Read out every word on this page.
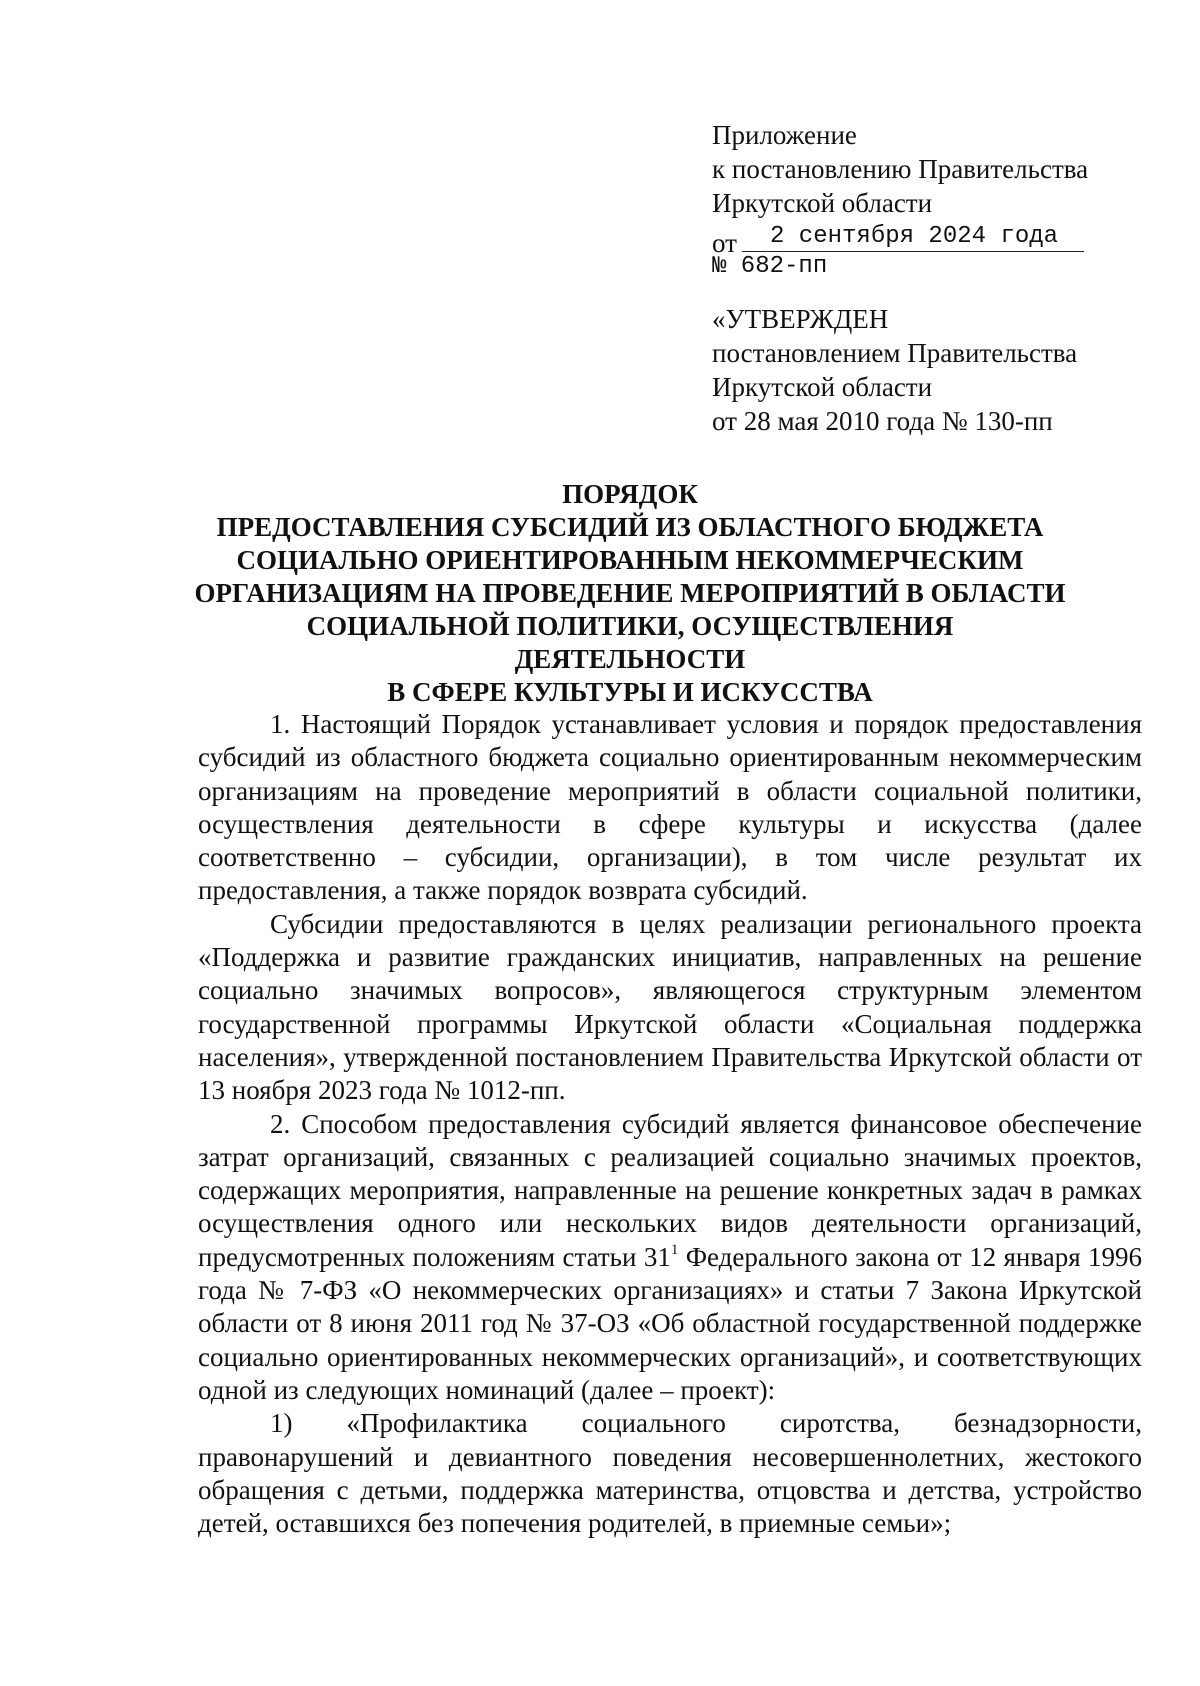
Приложение
к постановлению Правительства
Иркутской области
от 2 сентября 2024 года
№ 682-пп
«УТВЕРЖДЕН
постановлением Правительства
Иркутской области
от 28 мая 2010 года № 130-пп
ПОРЯДОК
ПРЕДОСТАВЛЕНИЯ СУБСИДИЙ ИЗ ОБЛАСТНОГО БЮДЖЕТА
СОЦИАЛЬНО ОРИЕНТИРОВАННЫМ НЕКОММЕРЧЕСКИМ
ОРГАНИЗАЦИЯМ НА ПРОВЕДЕНИЕ МЕРОПРИЯТИЙ В ОБЛАСТИ
СОЦИАЛЬНОЙ ПОЛИТИКИ, ОСУЩЕСТВЛЕНИЯ ДЕЯТЕЛЬНОСТИ
В СФЕРЕ КУЛЬТУРЫ И ИСКУССТВА

1. Настоящий Порядок устанавливает условия и порядок предоставления субсидий из областного бюджета социально ориентированным некоммерческим организациям на проведение мероприятий в области социальной политики, осуществления деятельности в сфере культуры и искусства (далее соответственно – субсидии, организации), в том числе результат их предоставления, а также порядок возврата субсидий.

Субсидии предоставляются в целях реализации регионального проекта «Поддержка и развитие гражданских инициатив, направленных на решение социально значимых вопросов», являющегося структурным элементом государственной программы Иркутской области «Социальная поддержка населения», утвержденной постановлением Правительства Иркутской области от 13 ноября 2023 года № 1012-пп.

2. Способом предоставления субсидий является финансовое обеспечение затрат организаций, связанных с реализацией социально значимых проектов, содержащих мероприятия, направленные на решение конкретных задач в рамках осуществления одного или нескольких видов деятельности организаций, предусмотренных положениям статьи $31^1$ Федерального закона от 12 января 1996 года № 7-ФЗ «О некоммерческих организациях» и статьи 7 Закона Иркутской области от 8 июня 2011 год № 37-ОЗ «Об областной государственной поддержке социально ориентированных некоммерческих организаций», и соответствующих одной из следующих номинаций (далее – проект):

1) «Профилактика социального сиротства, безнадзорности, правонарушений и девиантного поведения несовершеннолетних, жестокого обращения с детьми, поддержка материнства, отцовства и детства, устройство детей, оставшихся без попечения родителей, в приемные семьи»;
